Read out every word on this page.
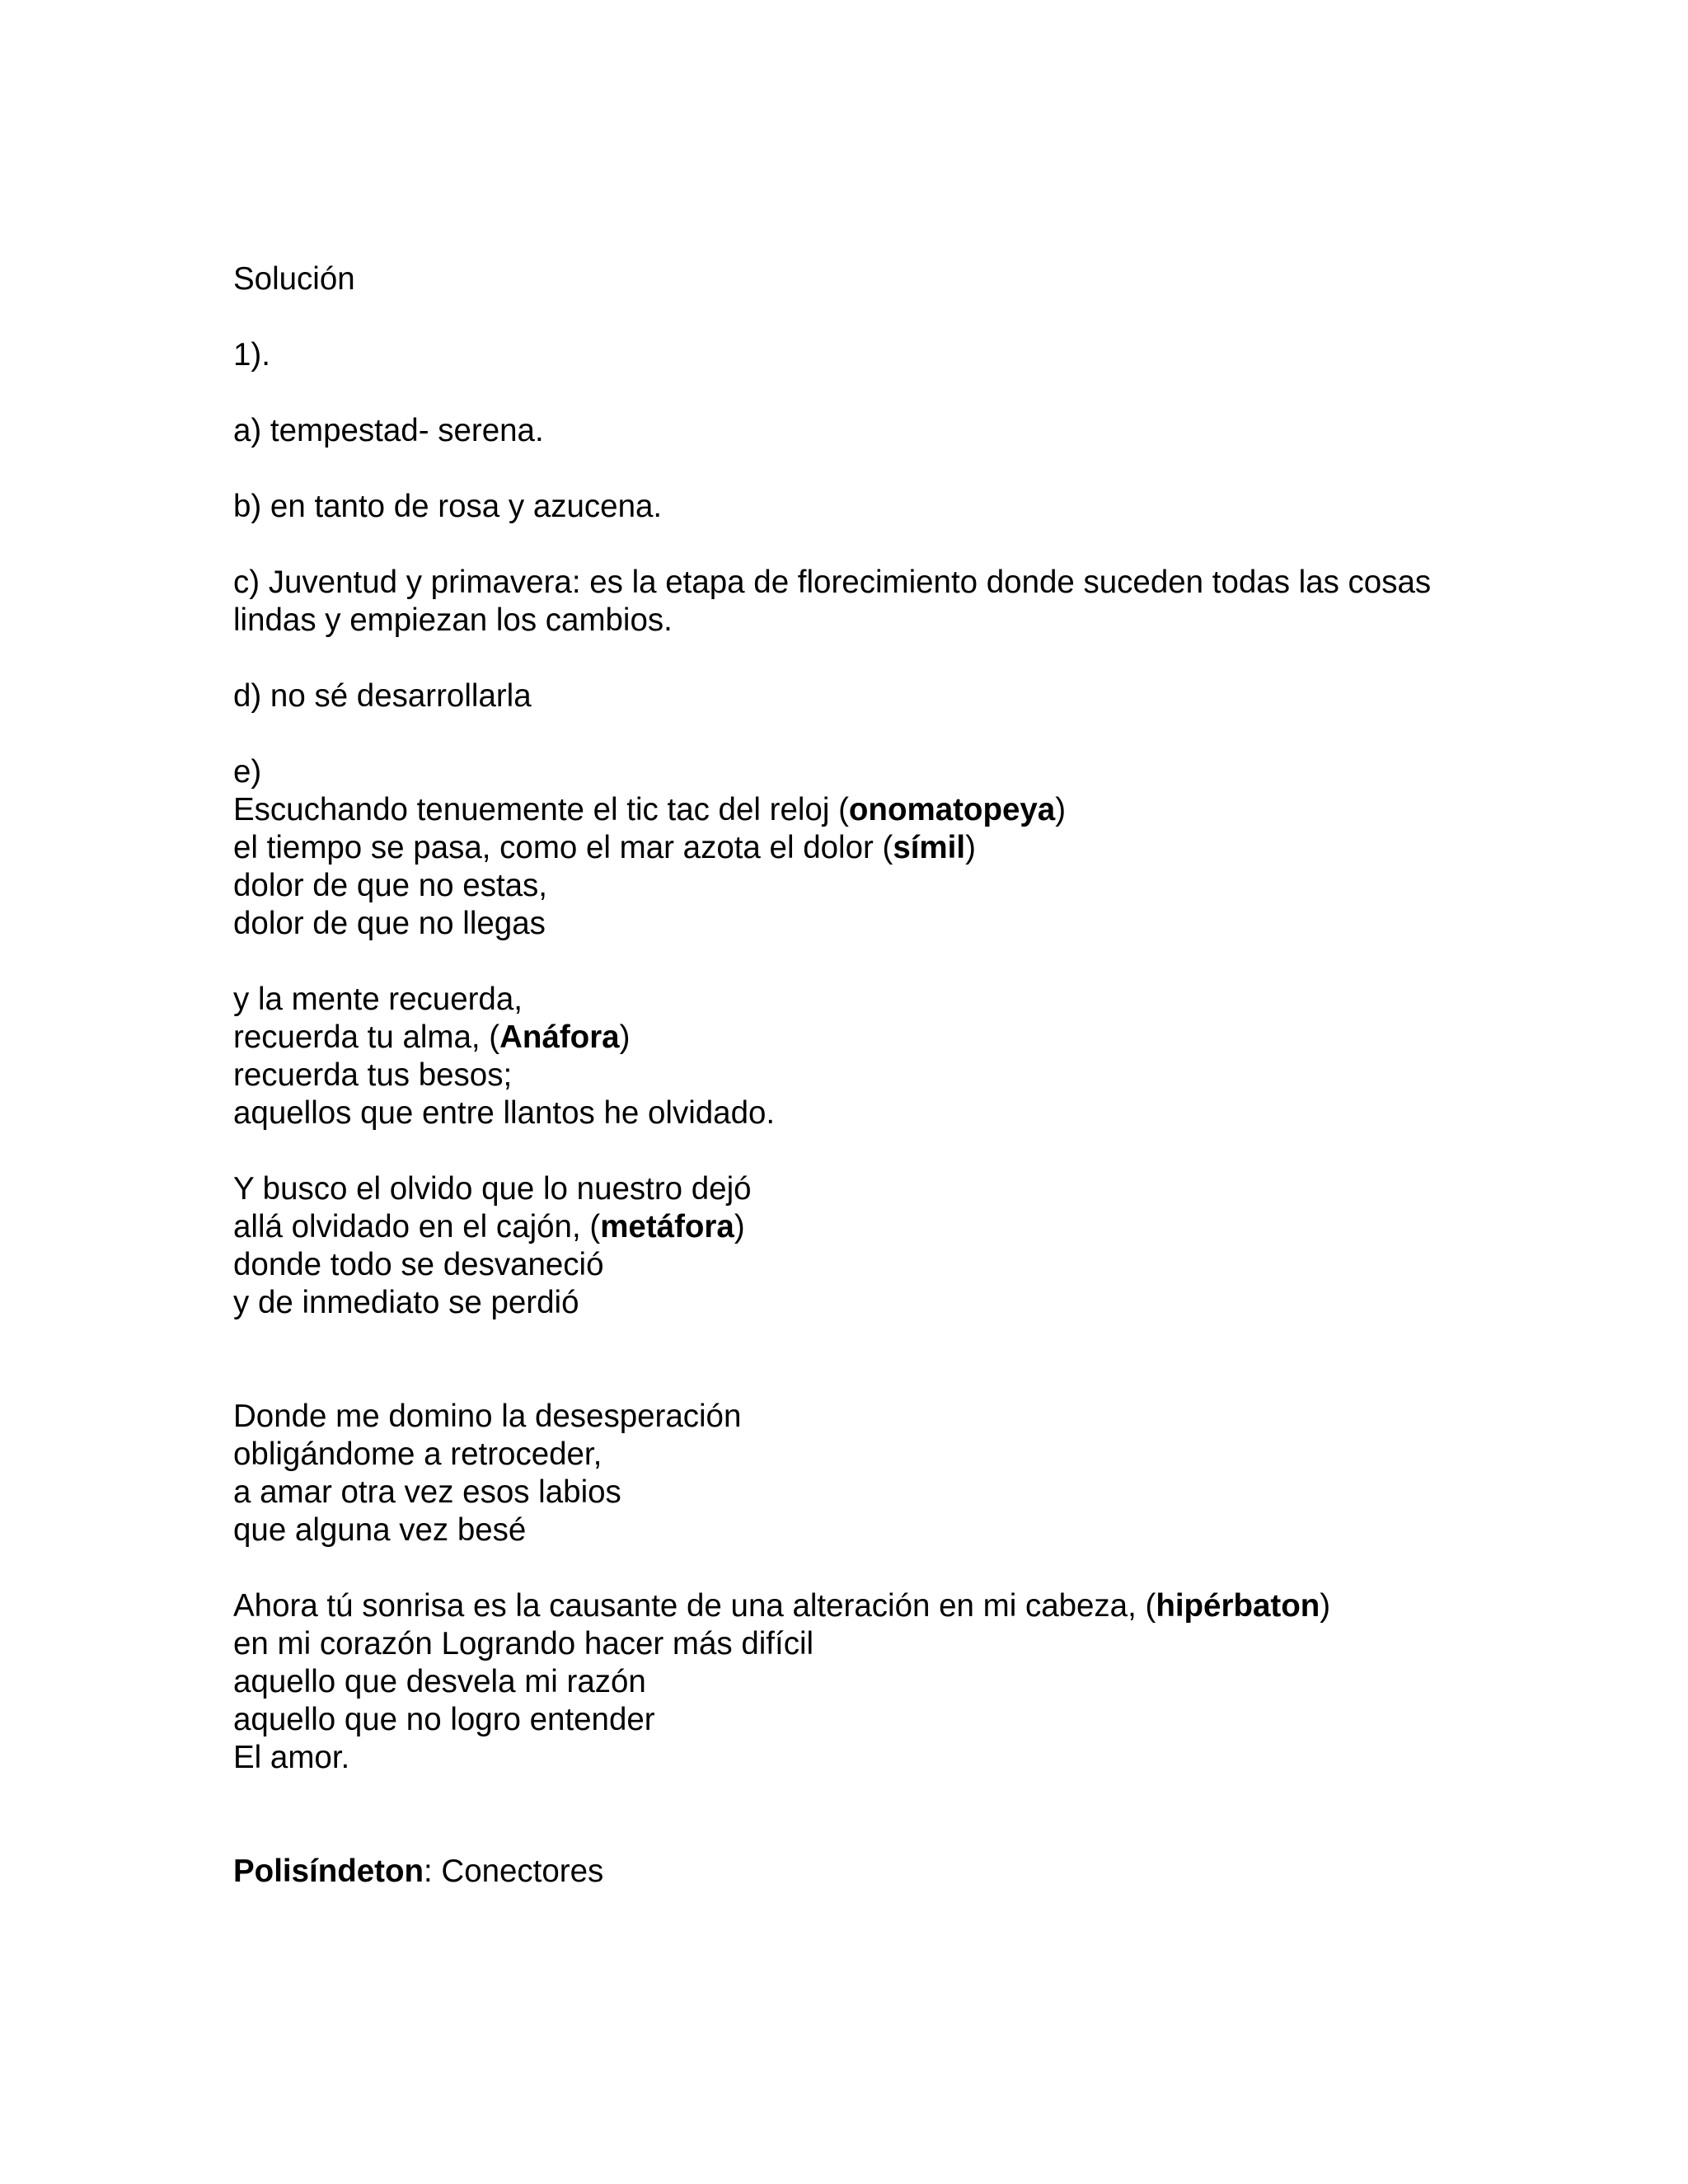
Solución
1).
a) tempestad- serena.
b) en tanto de rosa y azucena.
c) Juventud y primavera: es la etapa de florecimiento donde suceden todas las cosas lindas y empiezan los cambios.
d) no sé desarrollarla
e)
Escuchando tenuemente el tic tac del reloj (onomatopeya)
el tiempo se pasa, como el mar azota el dolor (símil)
dolor de que no estas,
dolor de que no llegas
y la mente recuerda,
recuerda tu alma, (Anáfora)
recuerda tus besos;
aquellos que entre llantos he olvidado.
Y busco el olvido que lo nuestro dejó
allá olvidado en el cajón, (metáfora)
donde todo se desvaneció
y de inmediato se perdió
Donde me domino la desesperación
obligándome a retroceder,
a amar otra vez esos labios
que alguna vez besé
Ahora tú sonrisa es la causante de una alteración en mi cabeza, (hipérbaton)
en mi corazón Logrando hacer más difícil
aquello que desvela mi razón
aquello que no logro entender
El amor.
Polisíndeton: Conectores
